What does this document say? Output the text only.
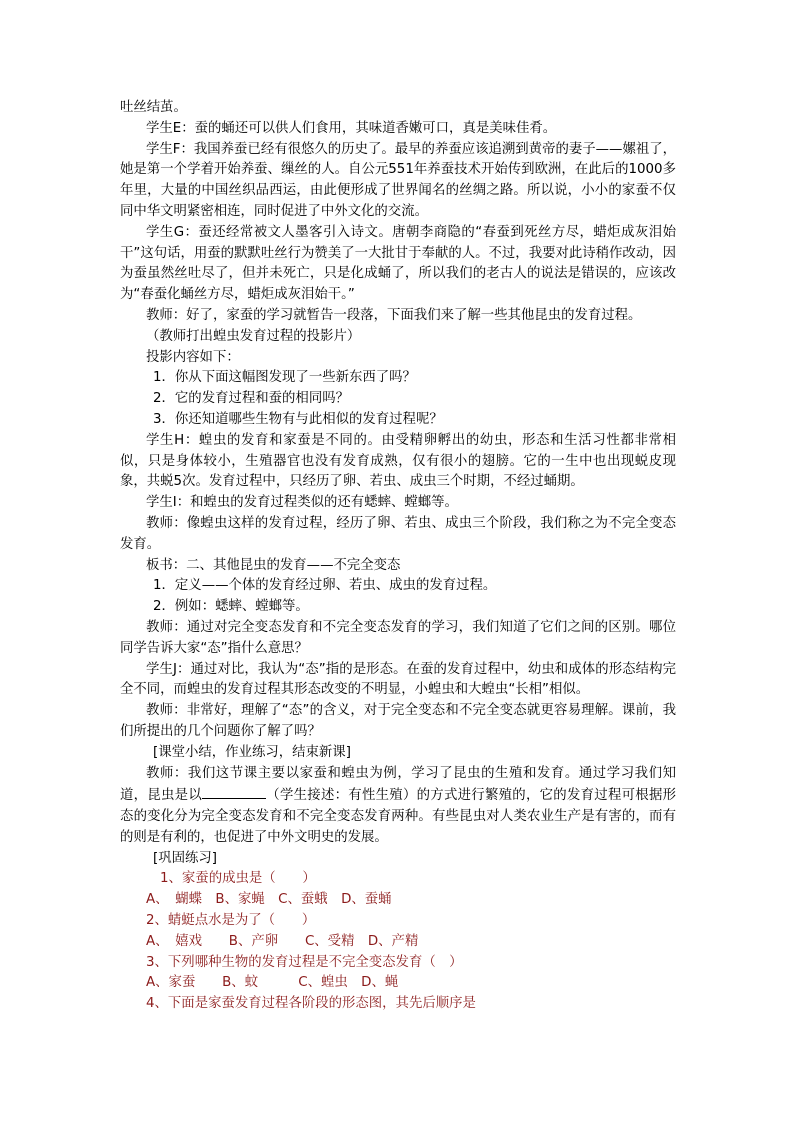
吐丝结茧。

学生E：蚕的蛹还可以供人们食用，其味道香嫩可口，真是美味佳肴。

学生F：我国养蚕已经有很悠久的历史了。最早的养蚕应该追溯到黄帝的妻子——嫘祖了，她是第一个学着开始养蚕、缫丝的人。自公元551年养蚕技术开始传到欧洲，在此后的1000多年里，大量的中国丝织品西运，由此便形成了世界闻名的丝绸之路。所以说，小小的家蚕不仅同中华文明紧密相连，同时促进了中外文化的交流。

学生G：蚕还经常被文人墨客引入诗文。唐朝李商隐的“春蚕到死丝方尽，蜡炬成灰泪始干”这句话，用蚕的默默吐丝行为赞美了一大批甘于奉献的人。不过，我要对此诗稍作改动，因为蚕虽然丝吐尽了，但并未死亡，只是化成蛹了，所以我们的老古人的说法是错误的，应该改为“春蚕化蛹丝方尽，蜡炬成灰泪始干。”

教师：好了，家蚕的学习就暂告一段落，下面我们来了解一些其他昆虫的发育过程。

（教师打出蝗虫发育过程的投影片）

投影内容如下：

1．你从下面这幅图发现了一些新东西了吗？

2．它的发育过程和蚕的相同吗？

3．你还知道哪些生物有与此相似的发育过程呢？

学生H：蝗虫的发育和家蚕是不同的。由受精卵孵出的幼虫，形态和生活习性都非常相似，只是身体较小，生殖器官也没有发育成熟，仅有很小的翅膀。它的一生中也出现蜕皮现象，共蜕5次。发育过程中，只经历了卵、若虫、成虫三个时期，不经过蛹期。

学生I：和蝗虫的发育过程类似的还有蟋蟀、螳螂等。

教师：像蝗虫这样的发育过程，经历了卵、若虫、成虫三个阶段，我们称之为不完全变态发育。

板书：二、其他昆虫的发育——不完全变态

1．定义——个体的发育经过卵、若虫、成虫的发育过程。

2．例如：蟋蟀、螳螂等。

教师：通过对完全变态发育和不完全变态发育的学习，我们知道了它们之间的区别。哪位同学告诉大家“态”指什么意思？

学生J：通过对比，我认为“态”指的是形态。在蚕的发育过程中，幼虫和成体的形态结构完全不同，而蝗虫的发育过程其形态改变的不明显，小蝗虫和大蝗虫“长相”相似。

教师：非常好，理解了“态”的含义，对于完全变态和不完全变态就更容易理解。课前，我们所提出的几个问题你了解了吗？

[课堂小结，作业练习，结束新课]

教师：我们这节课主要以家蚕和蝗虫为例，学习了昆虫的生殖和发育。通过学习我们知道，昆虫是以	（学生接述：有性生殖）的方式进行繁殖的，它的发育过程可根据形态的变化分为完全变态发育和不完全变态发育两种。有些昆虫对人类农业生产是有害的，而有的则是有利的，也促进了中外文明史的发展。

[巩固练习]

1、家蚕的成虫是（　　）

A、　蝴蝶　B、家蝇　C、蚕蛾　D、蚕蛹

2、蜻蜓点水是为了（　　）

A、　嬉戏　　B、产卵　　C、受精　D、产精

3、下列哪种生物的发育过程是不完全变态发育（　）

A、家蚕　　B、蚊　　　C、蝗虫　D、蝇

4、下面是家蚕发育过程各阶段的形态图，其先后顺序是
